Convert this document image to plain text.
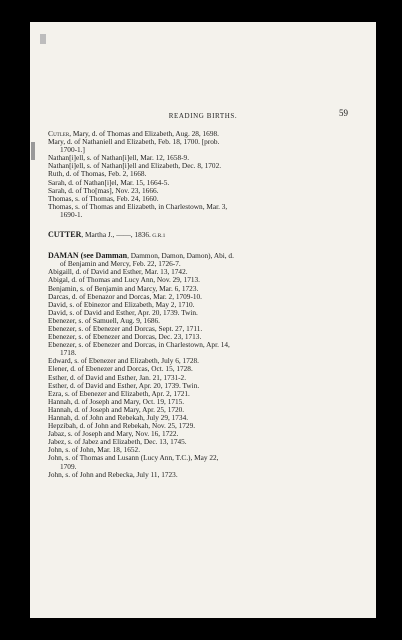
READING BIRTHS.	59
Cutler, Mary, d. of Thomas and Elizabeth, Aug. 28, 1698.
Mary, d. of Nathaniell and Elizabeth, Feb. 18, 1700. [prob.
1700-1.]
Nathan[i]ell, s. of Nathan[i]ell, Mar. 12, 1658-9.
Nathan[i]ell, s. of Nathan[i]ell and Elizabeth, Dec. 8, 1702.
Ruth, d. of Thomas, Feb. 2, 1668.
Sarah, d. of Nathan[i]el, Mar. 15, 1664-5.
Sarah, d. of Tho[mas], Nov. 23, 1666.
Thomas, s. of Thomas, Feb. 24, 1660.
Thomas, s. of Thomas and Elizabeth, in Charlestown, Mar. 3,
1690-1.
CUTTER, Martha J., ——, 1836. G.R.1
DAMAN (see Damman, Dammon, Damon, Damon), Abi, d.
of Benjamin and Mercy, Feb. 22, 1726-7.
Abigaill, d. of David and Esther, Mar. 13, 1742.
Abigal, d. of Thomas and Lucy Ann, Nov. 29, 1713.
Benjamin, s. of Benjamin and Marcy, Mar. 6, 1723.
Darcas, d. of Ebenazor and Dorcas, Mar. 2, 1709-10.
David, s. of Ebinezor and Elizabeth, May 2, 1710.
David, s. of David and Esther, Apr. 20, 1739. Twin.
Ebenezer, s. of Samuell, Aug. 9, 1686.
Ebenezer, s. of Ebenezer and Dorcas, Sept. 27, 1711.
Ebenezer, s. of Ebenezer and Dorcas, Dec. 23, 1713.
Ebenezer, s. of Ebenezer and Dorcas, in Charlestown, Apr. 14,
1718.
Edward, s. of Ebenezer and Elizabeth, July 6, 1728.
Elener, d. of Ebenezer and Dorcas, Oct. 15, 1728.
Esther, d. of David and Esther, Jan. 21, 1731-2.
Esther, d. of David and Esther, Apr. 20, 1739. Twin.
Ezra, s. of Ebenezer and Elizabeth, Apr. 2, 1721.
Hannah, d. of Joseph and Mary, Oct. 19, 1715.
Hannah, d. of Joseph and Mary, Apr. 25, 1720.
Hannah, d. of John and Rebekah, July 29, 1734.
Hepzibah, d. of John and Rebekah, Nov. 25, 1729.
Jabaz, s. of Joseph and Mary, Nov. 16, 1722.
Jabez, s. of Jabez and Elizabeth, Dec. 13, 1745.
John, s. of John, Mar. 18, 1652.
John, s. of Thomas and Lusann (Lucy Ann, T.C.), May 22,
1709.
John, s. of John and Rebecka, July 11, 1723.
